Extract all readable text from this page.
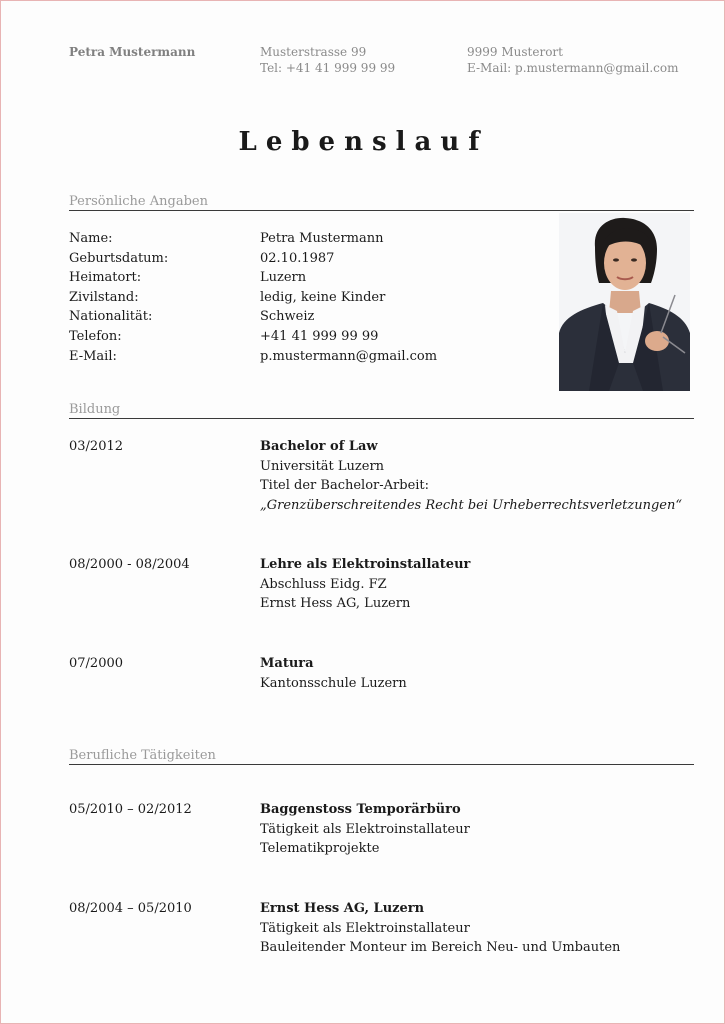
Petra Mustermann	Musterstrasse 99
Tel: +41 41 999 99 99
9999 Musterort
E-Mail: p.mustermann@gmail.com
Lebenslauf
Persönliche Angaben
Name:	Petra Mustermann
Geburtsdatum:	02.10.1987
Heimatort:	Luzern
Zivilstand:	ledig, keine Kinder
Nationalität:	Schweiz
Telefon:	+41 41 999 99 99
E-Mail:	p.mustermann@gmail.com
Bildung
03/2012	Bachelor of Law
Universität Luzern
Titel der Bachelor-Arbeit:
„Grenzüberschreitendes Recht bei Urheberrechtsverletzungen“
08/2000 - 08/2004	Lehre als Elektroinstallateur
Abschluss Eidg. FZ
Ernst Hess AG, Luzern
07/2000	Matura
Kantonsschule Luzern
Berufliche Tätigkeiten
05/2010 – 02/2012	Baggenstoss Temporärbüro
Tätigkeit als Elektroinstallateur
Telematikprojekte
08/2004 – 05/2010	Ernst Hess AG, Luzern
Tätigkeit als Elektroinstallateur
Bauleitender Monteur im Bereich Neu- und Umbauten
